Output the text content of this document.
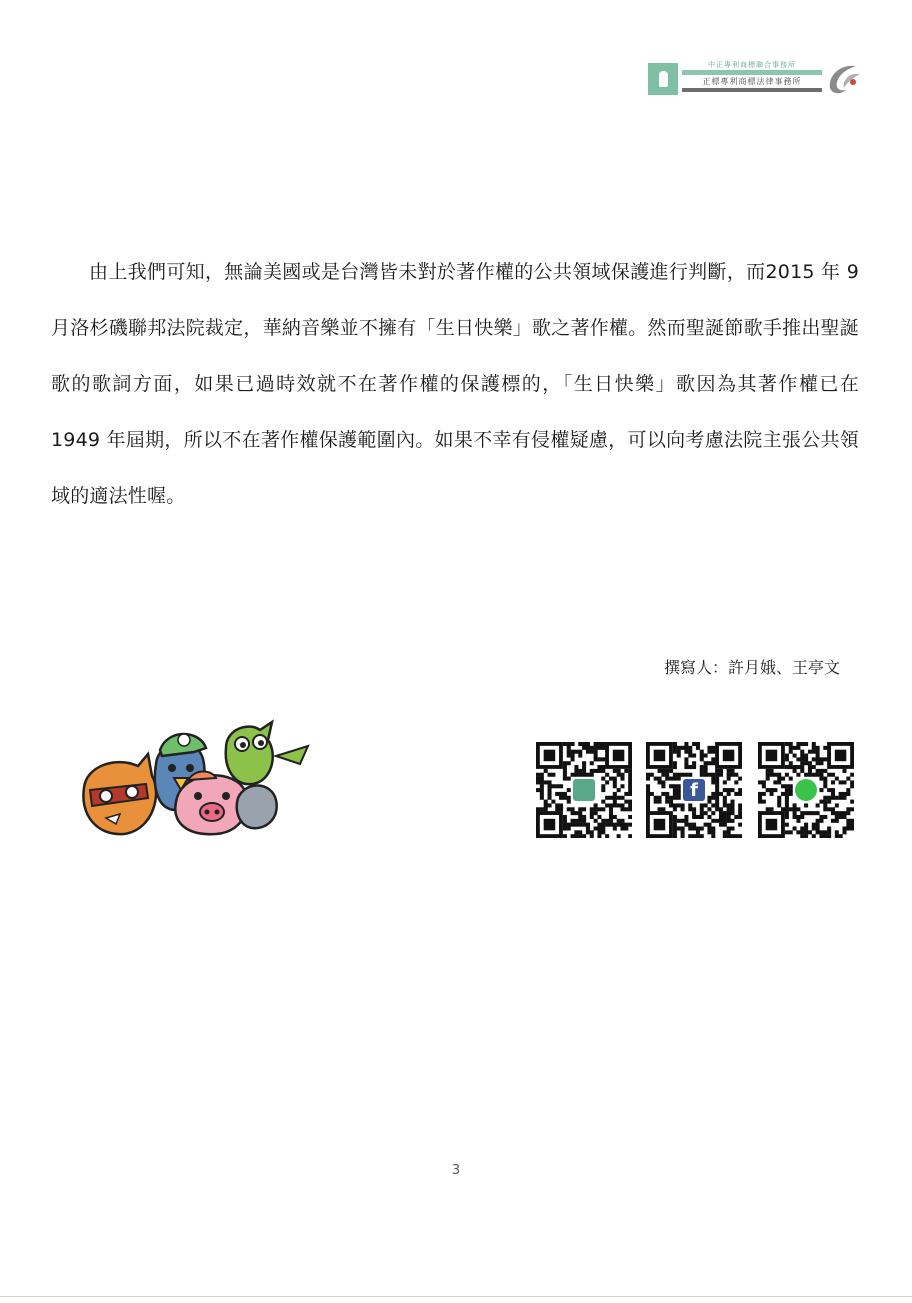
中正專利商標聯合事務所
正標專利商標法律事務所

由上我們可知，無論美國或是台灣皆未對於著作權的公共領域保護進行判斷，而2015 年 9 月洛杉磯聯邦法院裁定，華納音樂並不擁有「生日快樂」歌之著作權。然而聖誕節歌手推出聖誕歌的歌詞方面，如果已過時效就不在著作權的保護標的，「生日快樂」歌因為其著作權已在 1949 年屆期，所以不在著作權保護範圍內。如果不幸有侵權疑慮，可以向考慮法院主張公共領域的適法性喔。

撰寫人：許月娥、王亭文
f
3
